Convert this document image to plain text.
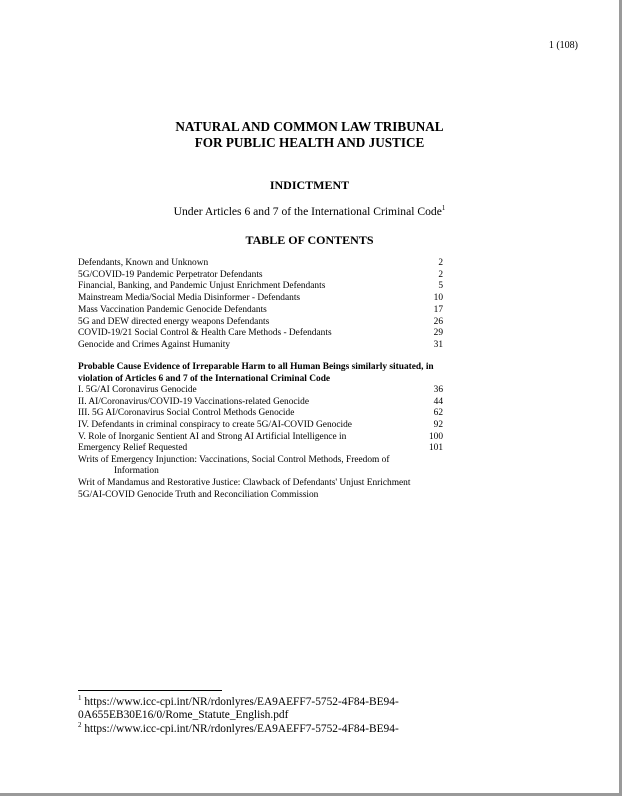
1 (108)
NATURAL AND COMMON LAW TRIBUNAL
FOR PUBLIC HEALTH AND JUSTICE
INDICTMENT
Under Articles 6 and 7 of the International Criminal Code$^1$
TABLE OF CONTENTS
Defendants, Known and Unknown	2
5G/COVID-19 Pandemic Perpetrator Defendants	2
Financial, Banking, and Pandemic Unjust Enrichment Defendants	5
Mainstream Media/Social Media Disinformer - Defendants	10
Mass Vaccination Pandemic Genocide Defendants	17
5G and DEW directed energy weapons Defendants	26
COVID-19/21 Social Control & Health Care Methods - Defendants	29
Genocide and Crimes Against Humanity	31
Probable Cause Evidence of Irreparable Harm to all Human Beings similarly situated, in violation of Articles 6 and 7 of the International Criminal Code
I. 5G/AI Coronavirus Genocide	36
II. AI/Coronavirus/COVID-19 Vaccinations-related Genocide	44
III. 5G AI/Coronavirus Social Control Methods Genocide	62
IV. Defendants in criminal conspiracy to create 5G/AI-COVID Genocide	92
V. Role of Inorganic Sentient AI and Strong AI Artificial Intelligence in	100
Emergency Relief Requested	101
Writs of Emergency Injunction: Vaccinations, Social Control Methods, Freedom of
Information
Writ of Mandamus and Restorative Justice: Clawback of Defendants' Unjust Enrichment
5G/AI-COVID Genocide Truth and Reconciliation Commission
$^1$ https://www.icc-cpi.int/NR/rdonlyres/EA9AEFF7-5752-4F84-BE94-
0A655EB30E16/0/Rome_Statute_English.pdf
$^2$ https://www.icc-cpi.int/NR/rdonlyres/EA9AEFF7-5752-4F84-BE94-
